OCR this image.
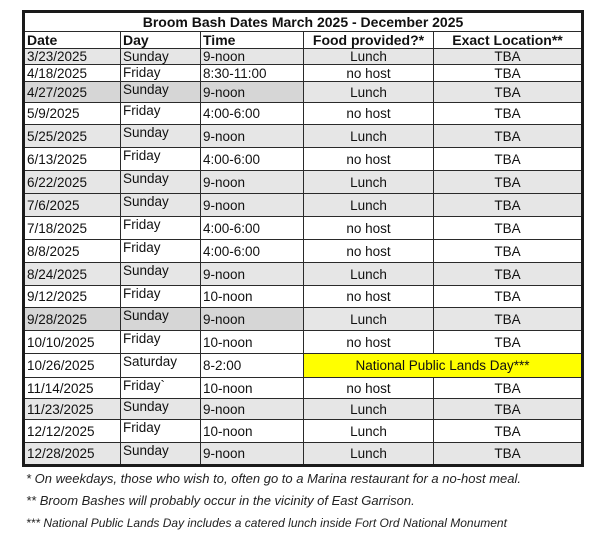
Broom Bash Dates March 2025 - December 2025				
Date	Day	Time	Food provided?*	Exact Location**
3/23/2025	Sunday	9-noon	Lunch	TBA
4/18/2025	Friday	8:30-11:00	no host	TBA
4/27/2025	Sunday	9-noon	Lunch	TBA
5/9/2025	Friday	4:00-6:00	no host	TBA
5/25/2025	Sunday	9-noon	Lunch	TBA
6/13/2025	Friday	4:00-6:00	no host	TBA
6/22/2025	Sunday	9-noon	Lunch	TBA
7/6/2025	Sunday	9-noon	Lunch	TBA
7/18/2025	Friday	4:00-6:00	no host	TBA
8/8/2025	Friday	4:00-6:00	no host	TBA
8/24/2025	Sunday	9-noon	Lunch	TBA
9/12/2025	Friday	10-noon	no host	TBA
9/28/2025	Sunday	9-noon	Lunch	TBA
10/10/2025	Friday	10-noon	no host	TBA
10/26/2025	Saturday	8-2:00	National Public Lands Day***	
11/14/2025	Friday`	10-noon	no host	TBA
11/23/2025	Sunday	9-noon	Lunch	TBA
12/12/2025	Friday	10-noon	Lunch	TBA
12/28/2025	Sunday	9-noon	Lunch	TBA
* On weekdays, those who wish to, often go to a Marina restaurant for a no-host meal.
** Broom Bashes will probably occur in the vicinity of East Garrison.
*** National Public Lands Day includes a catered lunch inside Fort Ord National Monument
